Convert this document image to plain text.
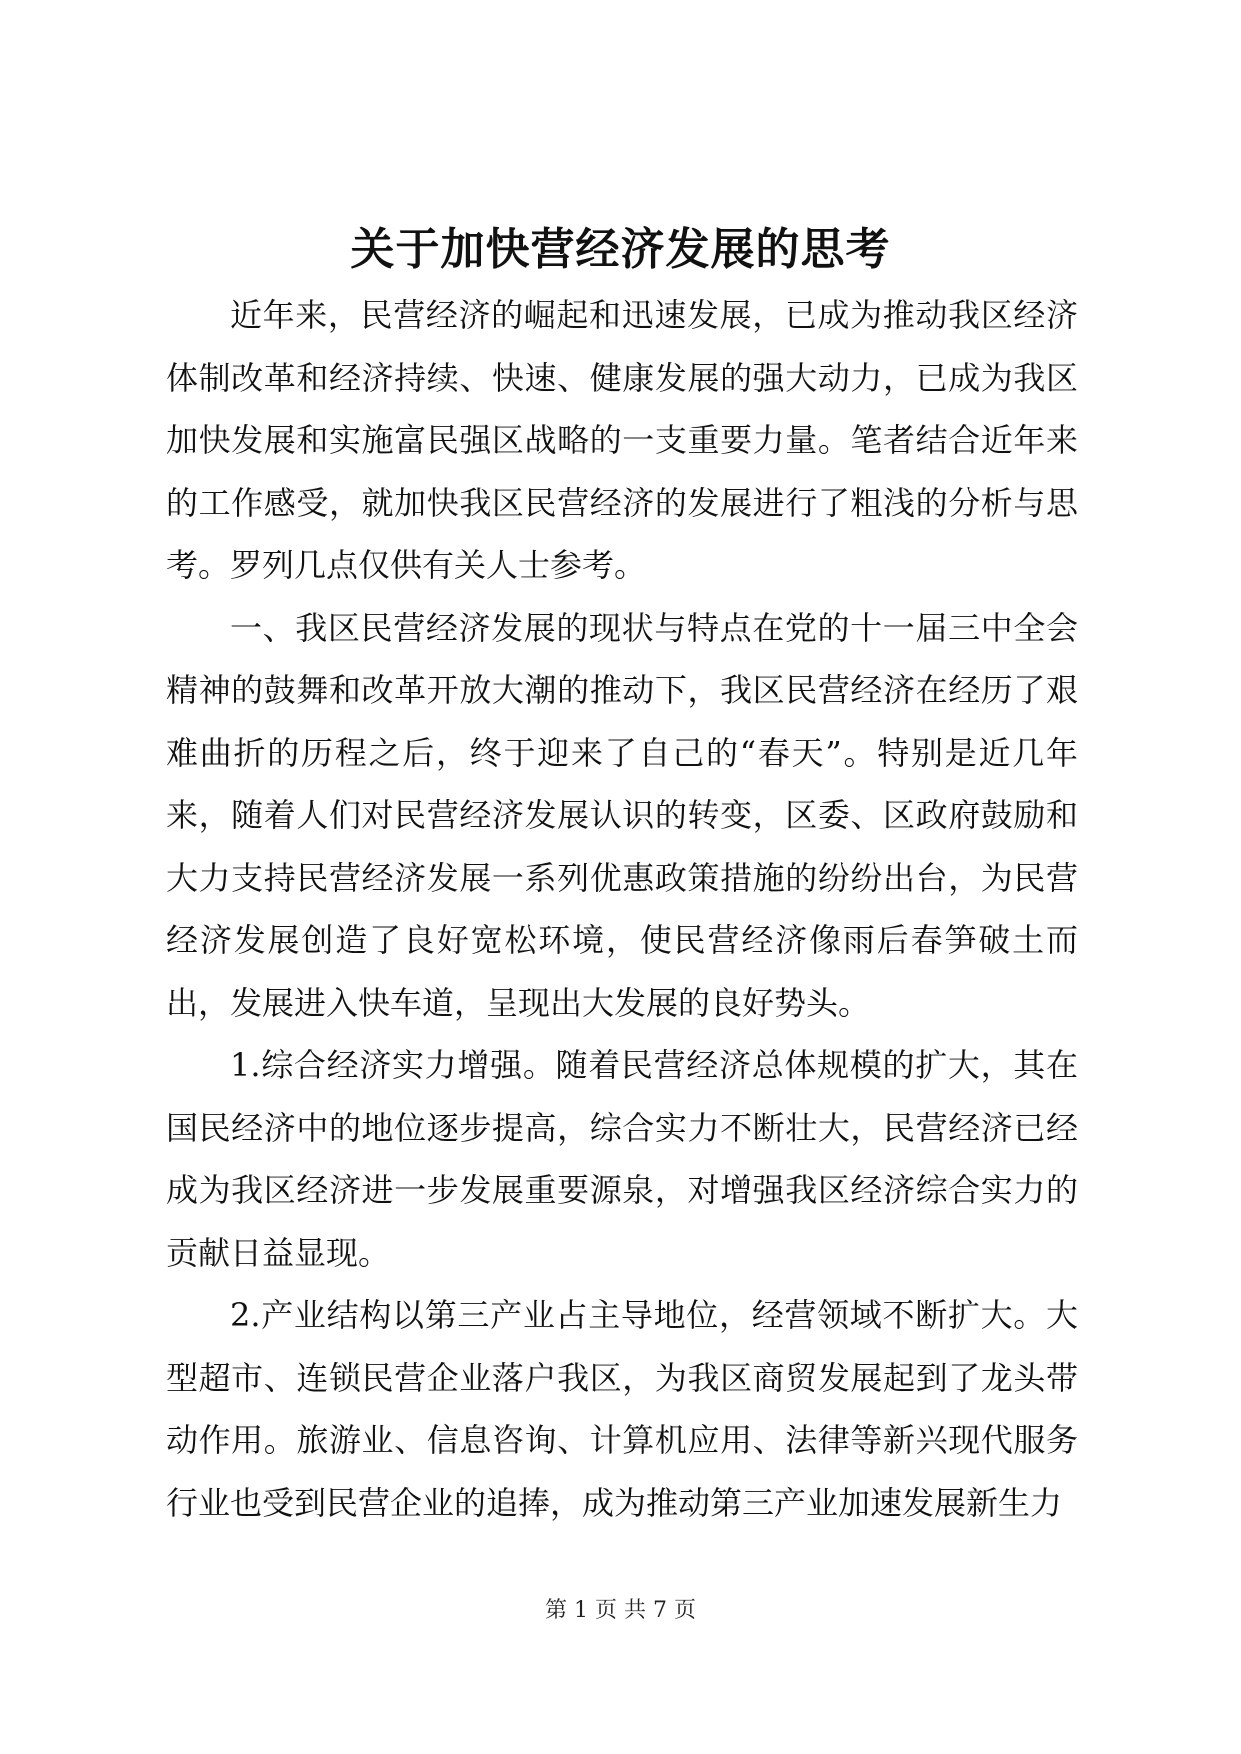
关于加快营经济发展的思考

近年来，民营经济的崛起和迅速发展，已成为推动我区经济体制改革和经济持续、快速、健康发展的强大动力，已成为我区加快发展和实施富民强区战略的一支重要力量。笔者结合近年来的工作感受，就加快我区民营经济的发展进行了粗浅的分析与思考。罗列几点仅供有关人士参考。

一、我区民营经济发展的现状与特点在党的十一届三中全会精神的鼓舞和改革开放大潮的推动下，我区民营经济在经历了艰难曲折的历程之后，终于迎来了自己的“春天”。特别是近几年来，随着人们对民营经济发展认识的转变，区委、区政府鼓励和大力支持民营经济发展一系列优惠政策措施的纷纷出台，为民营经济发展创造了良好宽松环境，使民营经济像雨后春笋破土而出，发展进入快车道，呈现出大发展的良好势头。

1.综合经济实力增强。随着民营经济总体规模的扩大，其在国民经济中的地位逐步提高，综合实力不断壮大，民营经济已经成为我区经济进一步发展重要源泉，对增强我区经济综合实力的贡献日益显现。

2.产业结构以第三产业占主导地位，经营领域不断扩大。大型超市、连锁民营企业落户我区，为我区商贸发展起到了龙头带动作用。旅游业、信息咨询、计算机应用、法律等新兴现代服务行业也受到民营企业的追捧，成为推动第三产业加速发展新生力

第 1 页 共 7 页
